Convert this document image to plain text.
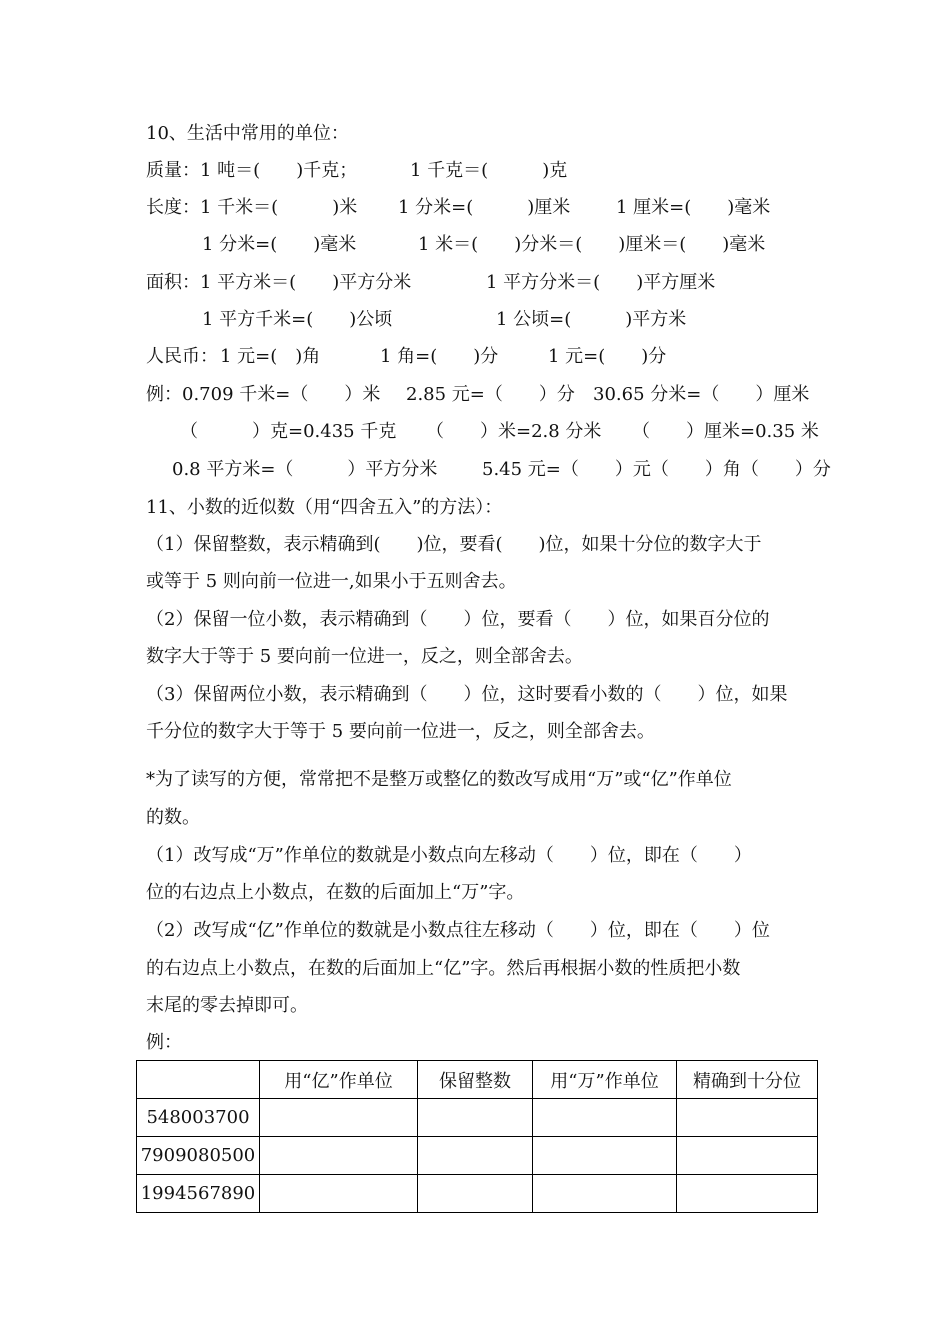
10、生活中常用的单位：
质量： 1 吨＝(　　)千克；	1 千克＝(　　　)克
长度： 1 千米＝(　　　)米 1 分米=(　　　)厘米	1 厘米=(　　)毫米
1 分米=(　　)毫米	1 米＝(　　)分米＝(　　)厘米＝(　　)毫米
面积： 1 平方米＝(　　)平方分米	1 平方分米＝(　　)平方厘米
1 平方千米=(　　)公顷	1 公顷=(　　　)平方米
人民币： 1 元=(　)角	1 角=(　　)分	1 元=(　　)分
例： 0.709 千米=（　　）米 2.85 元=（　　）分 30.65 分米=（　　）厘米
（　　　）克=0.435 千克 （　　）米=2.8 分米 （　　）厘米=0.35 米
0.8 平方米=（　　　）平方分米 5.45 元=（　　）元（　　）角（　　）分
11、小数的近似数（用“四舍五入”的方法）：
（1）保留整数，表示精确到(　　)位，要看(　　)位，如果十分位的数字大于
或等于 5 则向前一位进一,如果小于五则舍去。
（2）保留一位小数，表示精确到（　　）位，要看（　　）位，如果百分位的
数字大于等于 5 要向前一位进一，反之，则全部舍去。
（3）保留两位小数，表示精确到（　　）位，这时要看小数的（　　）位，如果
千分位的数字大于等于 5 要向前一位进一，反之，则全部舍去。
*为了读写的方便，常常把不是整万或整亿的数改写成用“万”或“亿”作单位
的数。
（1）改写成“万”作单位的数就是小数点向左移动（　　）位，即在（　　）
位的右边点上小数点，在数的后面加上“万”字。
（2）改写成“亿”作单位的数就是小数点往左移动（　　）位，即在（　　）位
的右边点上小数点，在数的后面加上“亿”字。然后再根据小数的性质把小数
末尾的零去掉即可。
例：
	用“亿”作单位	保留整数	用“万”作单位	精确到十分位
548003700				
7909080500				
1994567890				
